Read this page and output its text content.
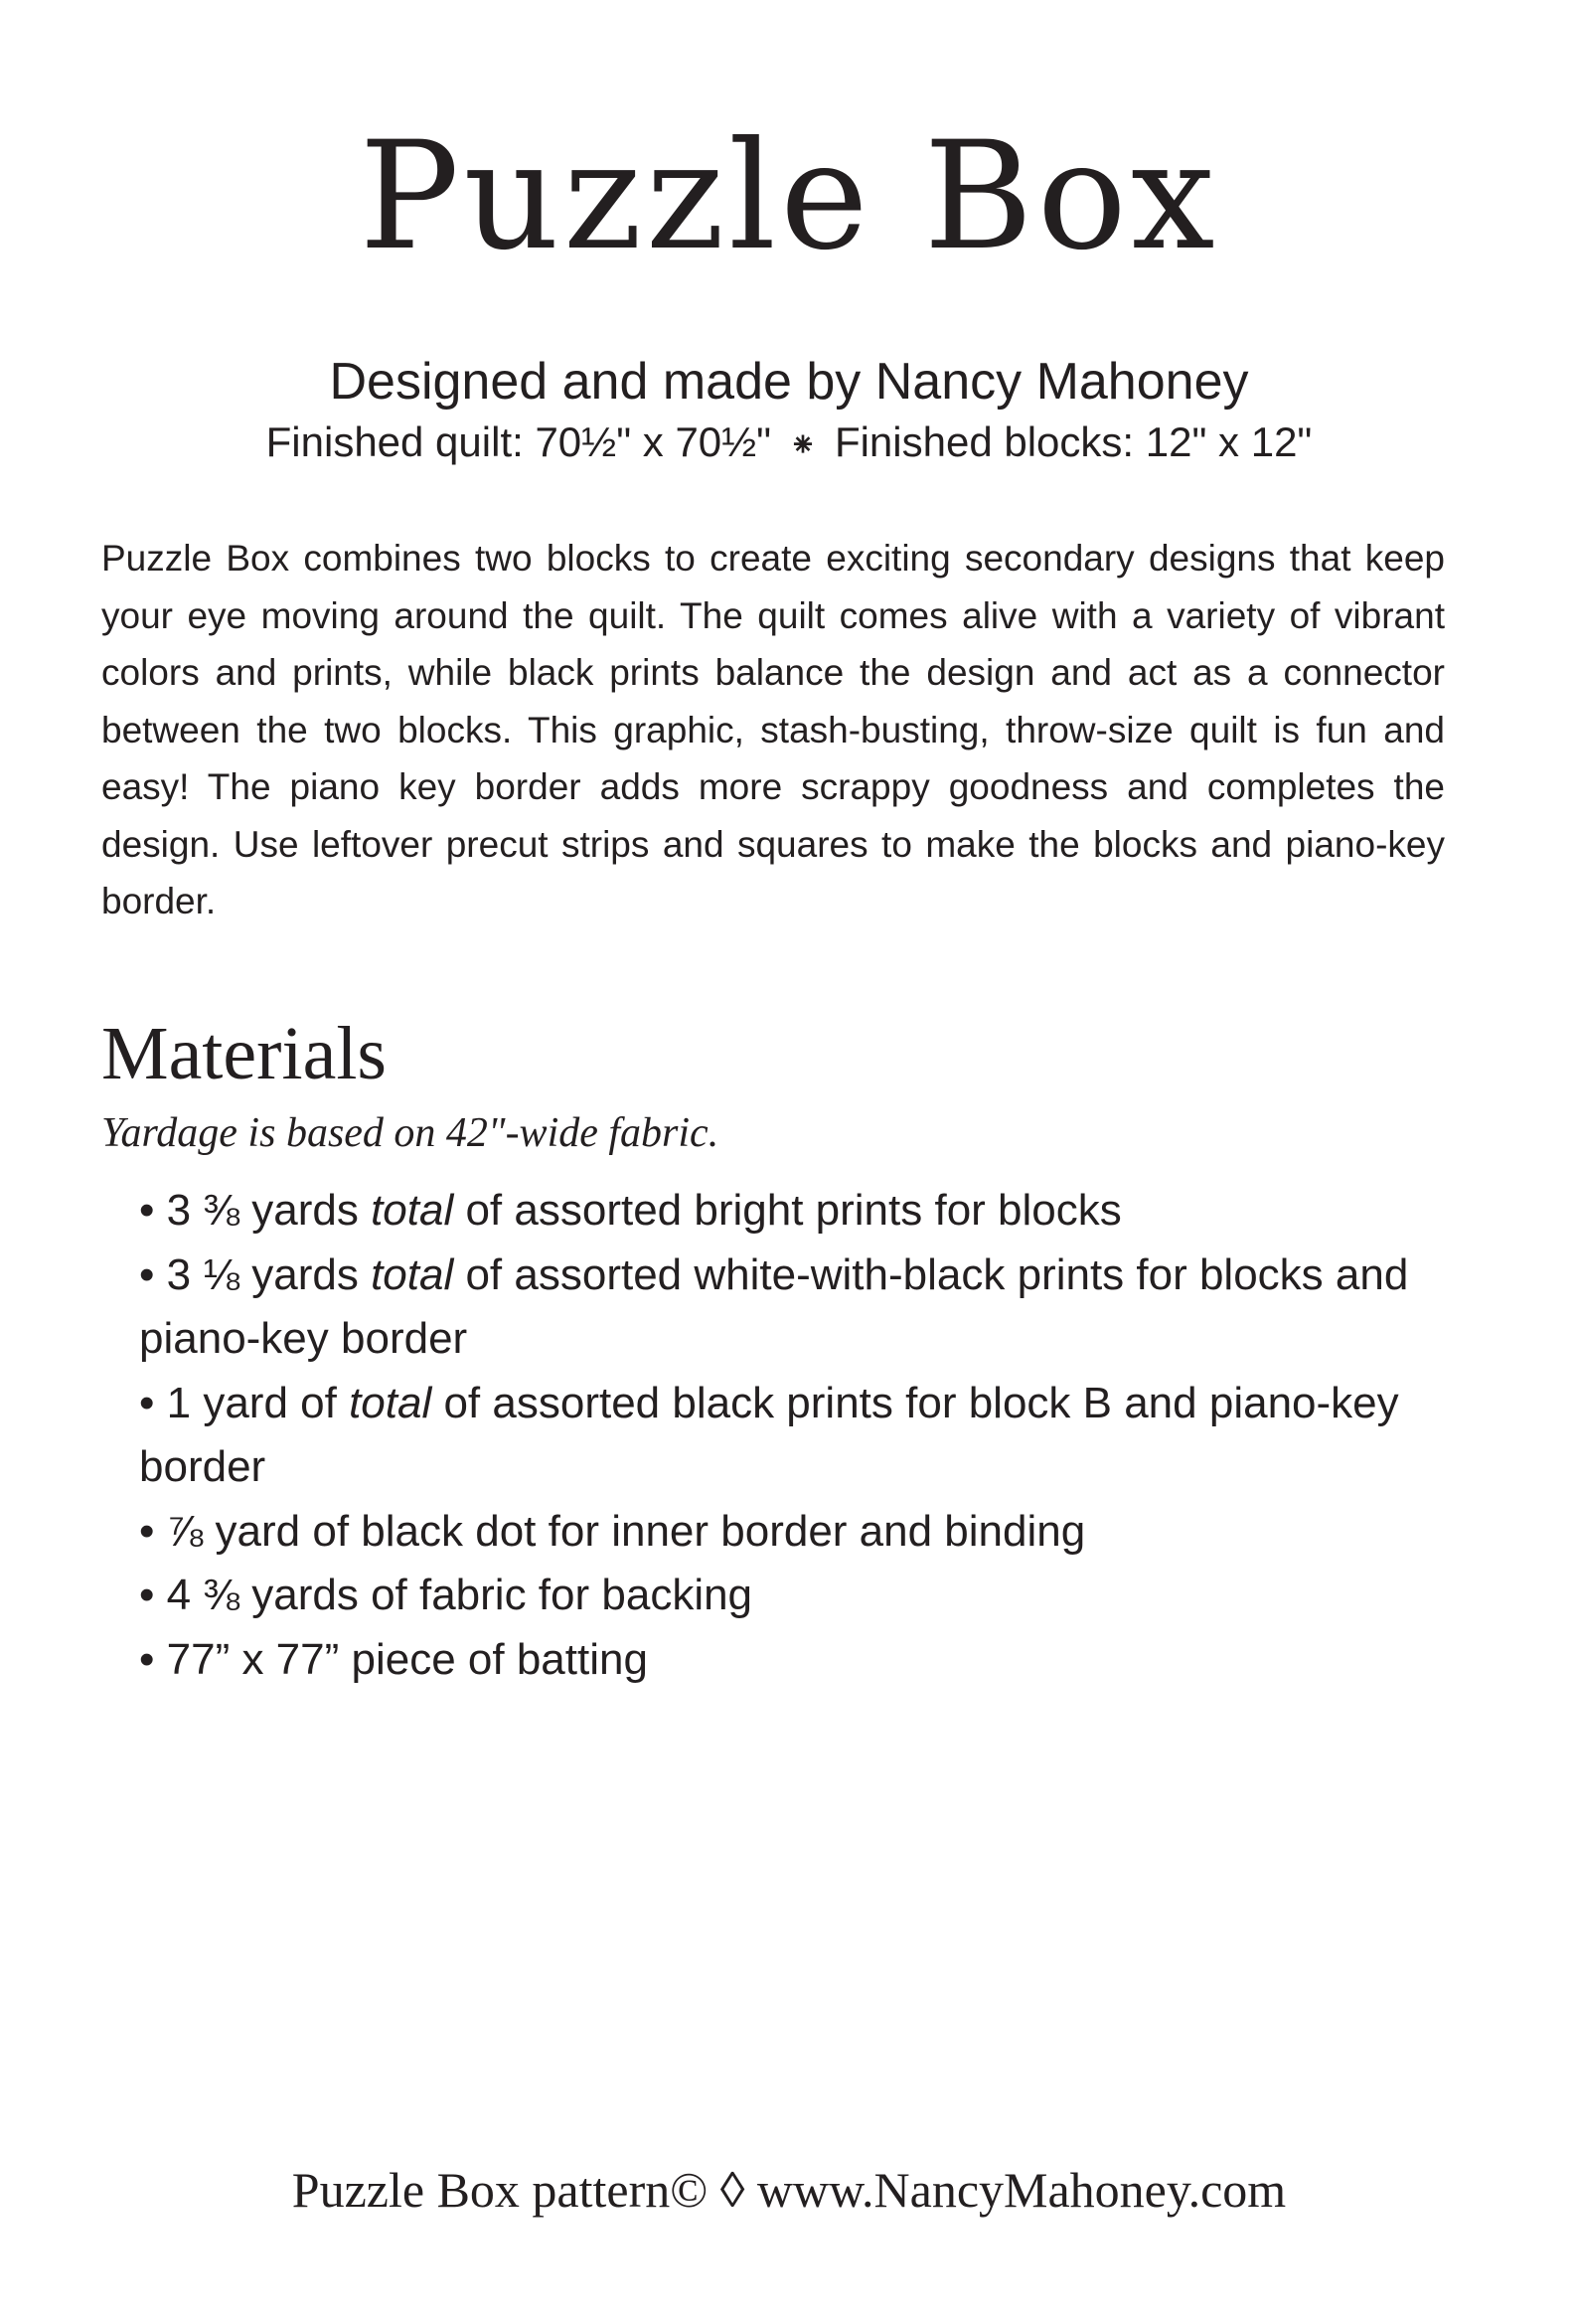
Puzzle Box
Designed and made by Nancy Mahoney
Finished quilt: 70½" x 70½" ⁕ Finished blocks: 12" x 12"

Puzzle Box combines two blocks to create exciting secondary designs that keep your eye moving around the quilt. The quilt comes alive with a variety of vibrant colors and prints, while black prints balance the design and act as a connector between the two blocks. This graphic, stash-busting, throw-size quilt is fun and easy! The piano key border adds more scrappy goodness and completes the design. Use leftover precut strips and squares to make the blocks and piano-key border.

Materials
Yardage is based on 42"-wide fabric.
• 3 ⅜ yards total of assorted bright prints for blocks
• 3 ⅛ yards total of assorted white-with-black prints for blocks and piano-key border
• 1 yard of total of assorted black prints for block B and piano-key border
• ⅞ yard of black dot for inner border and binding
• 4 ⅜ yards of fabric for backing
• 77” x 77” piece of batting
Puzzle Box pattern© ◊ www.NancyMahoney.com
